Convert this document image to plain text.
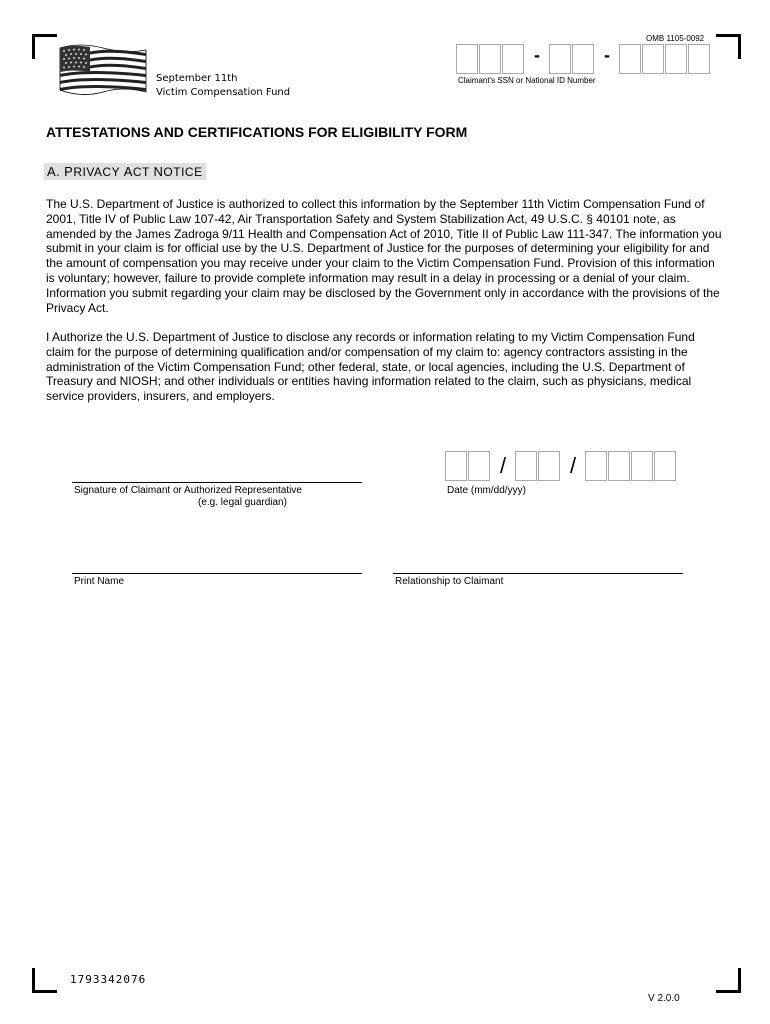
OMB 1105-0092
September 11th
Victim Compensation Fund
-	-
Claimant's SSN or National ID Number
ATTESTATIONS AND CERTIFICATIONS FOR ELIGIBILITY FORM
A. PRIVACY ACT NOTICE
The U.S. Department of Justice is authorized to collect this information by the September 11th Victim Compensation Fund of 2001, Title IV of Public Law 107-42, Air Transportation Safety and System Stabilization Act, 49 U.S.C. § 40101 note, as amended by the James Zadroga 9/11 Health and Compensation Act of 2010, Title II of Public Law 111-347. The information you submit in your claim is for official use by the U.S. Department of Justice for the purposes of determining your eligibility for and the amount of compensation you may receive under your claim to the Victim Compensation Fund. Provision of this information is voluntary; however, failure to provide complete information may result in a delay in processing or a denial of your claim. Information you submit regarding your claim may be disclosed by the Government only in accordance with the provisions of the Privacy Act.
I Authorize the U.S. Department of Justice to disclose any records or information relating to my Victim Compensation Fund claim for the purpose of determining qualification and/or compensation of my claim to: agency contractors assisting in the administration of the Victim Compensation Fund; other federal, state, or local agencies, including the U.S. Department of Treasury and NIOSH; and other individuals or entities having information related to the claim, such as physicians, medical service providers, insurers, and employers.
Signature of Claimant or Authorized Representative
(e.g. legal guardian)
/	/
Date (mm/dd/yyy)
Print Name	Relationship to Claimant
1793342076
V 2.0.0
